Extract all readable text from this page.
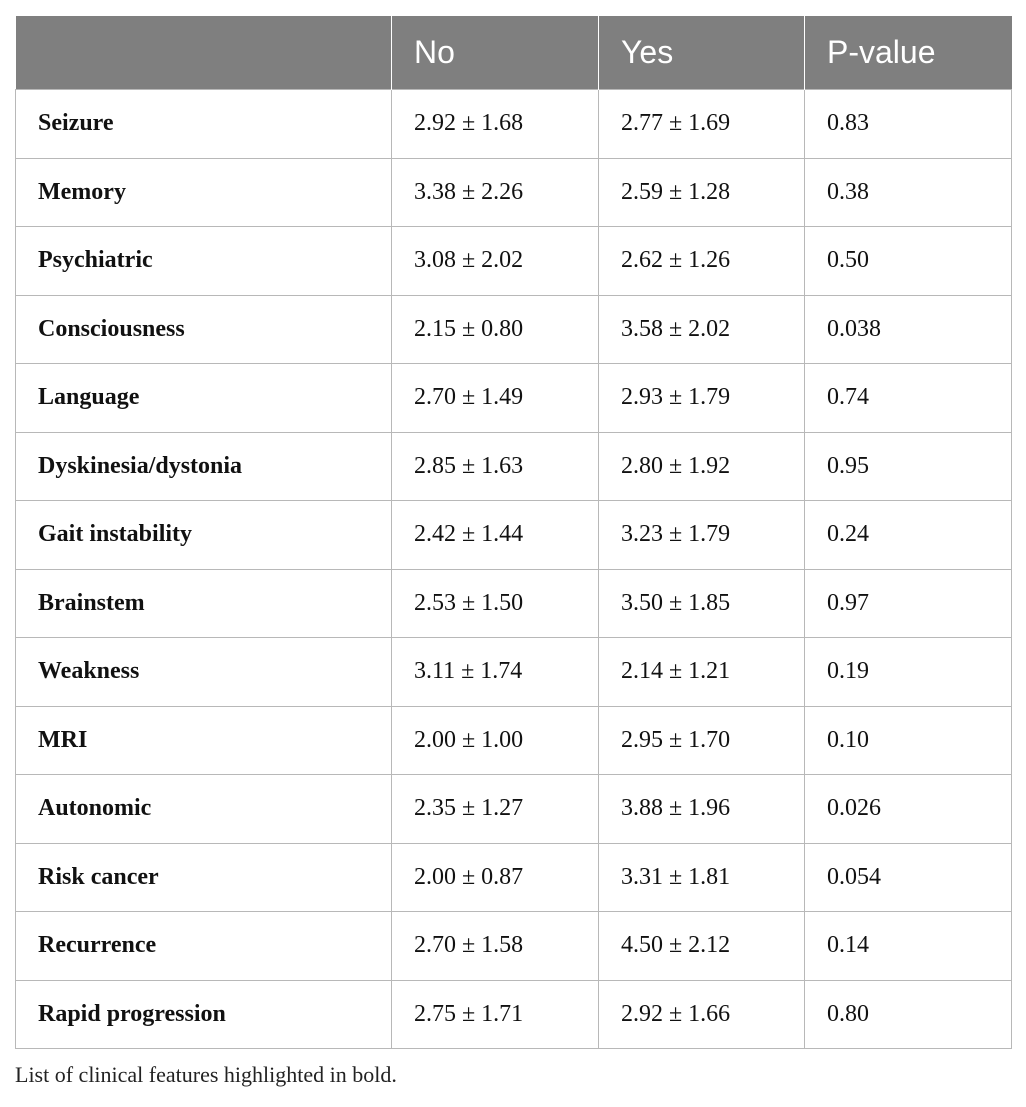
	No	Yes	P-value
Seizure	2.92 ± 1.68	2.77 ± 1.69	0.83
Memory	3.38 ± 2.26	2.59 ± 1.28	0.38
Psychiatric	3.08 ± 2.02	2.62 ± 1.26	0.50
Consciousness	2.15 ± 0.80	3.58 ± 2.02	0.038
Language	2.70 ± 1.49	2.93 ± 1.79	0.74
Dyskinesia/dystonia	2.85 ± 1.63	2.80 ± 1.92	0.95
Gait instability	2.42 ± 1.44	3.23 ± 1.79	0.24
Brainstem	2.53 ± 1.50	3.50 ± 1.85	0.97
Weakness	3.11 ± 1.74	2.14 ± 1.21	0.19
MRI	2.00 ± 1.00	2.95 ± 1.70	0.10
Autonomic	2.35 ± 1.27	3.88 ± 1.96	0.026
Risk cancer	2.00 ± 0.87	3.31 ± 1.81	0.054
Recurrence	2.70 ± 1.58	4.50 ± 2.12	0.14
Rapid progression	2.75 ± 1.71	2.92 ± 1.66	0.80
List of clinical features highlighted in bold.
